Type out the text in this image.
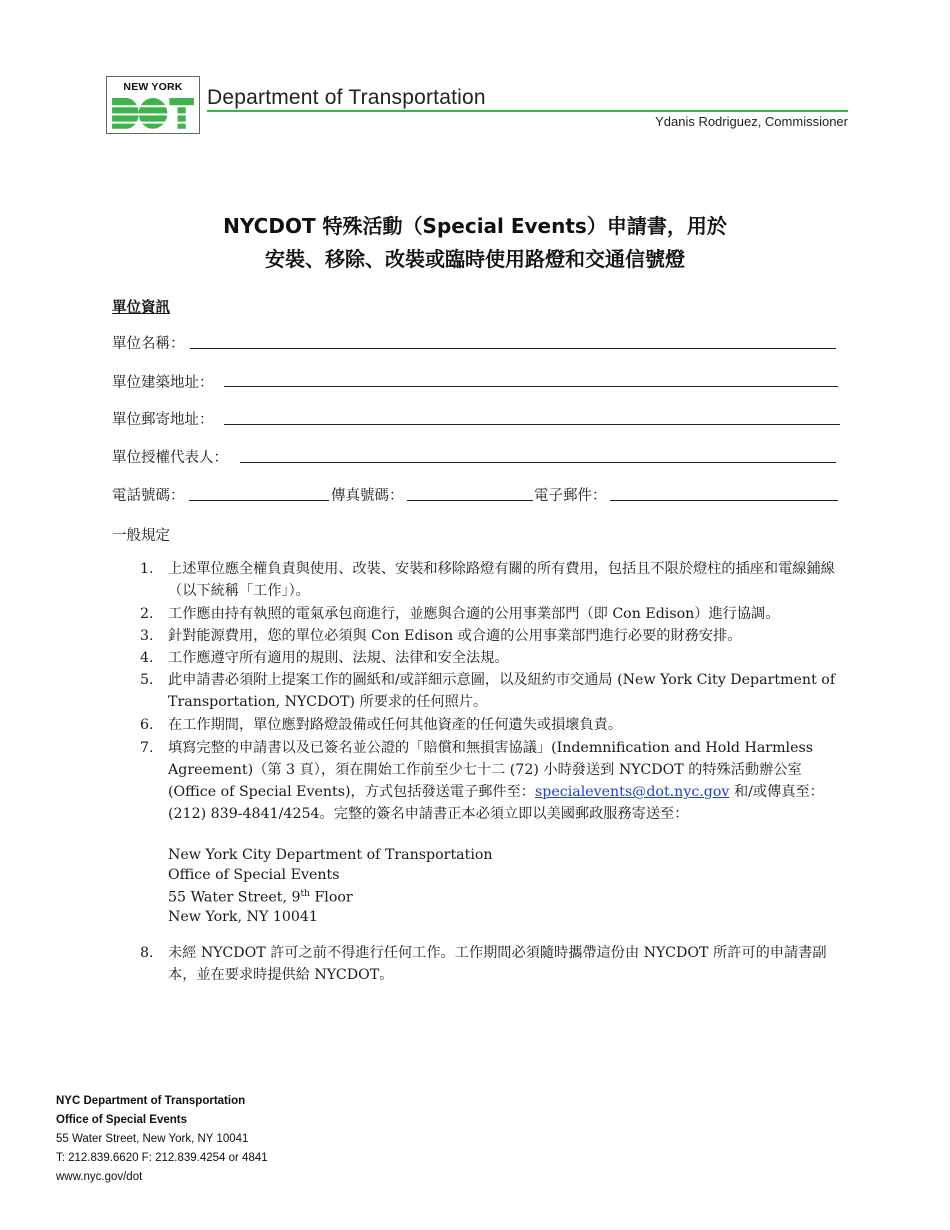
NEW YORK	Department of Transportation
Ydanis Rodriguez, Commissioner
NYCDOT 特殊活動（Special Events）申請書，用於
安裝、移除、改裝或臨時使用路燈和交通信號燈
單位資訊
單位名稱：
單位建築地址：
單位郵寄地址：
單位授權代表人：
電話號碼：	傳真號碼：	電子郵件：
一般規定
1. 上述單位應全權負責與使用、改裝、安裝和移除路燈有關的所有費用，包括且不限於燈柱的插座和電線鋪線（以下統稱「工作」）。
2. 工作應由持有執照的電氣承包商進行，並應與合適的公用事業部門（即 Con Edison）進行協調。
3. 針對能源費用，您的單位必須與 Con Edison 或合適的公用事業部門進行必要的財務安排。
4. 工作應遵守所有適用的規則、法規、法律和安全法規。
5. 此申請書必須附上提案工作的圖紙和/或詳細示意圖，以及紐約市交通局 (New York City Department of Transportation, NYCDOT) 所要求的任何照片。
6. 在工作期間，單位應對路燈設備或任何其他資產的任何遺失或損壞負責。
7. 填寫完整的申請書以及已簽名並公證的「賠償和無損害協議」(Indemnification and Hold Harmless Agreement)（第 3 頁），須在開始工作前至少七十二 (72) 小時發送到 NYCDOT 的特殊活動辦公室 (Office of Special Events)，方式包括發送電子郵件至：specialevents@dot.nyc.gov 和/或傳真至：(212) 839-4841/4254。完整的簽名申請書正本必須立即以美國郵政服務寄送至：
New York City Department of Transportation
Office of Special Events
55 Water Street, 9th Floor
New York, NY 10041
8. 未經 NYCDOT 許可之前不得進行任何工作。工作期間必須隨時攜帶這份由 NYCDOT 所許可的申請書副本，並在要求時提供給 NYCDOT。
NYC Department of Transportation
Office of Special Events
55 Water Street, New York, NY 10041
T: 212.839.6620 F: 212.839.4254 or 4841
www.nyc.gov/dot
